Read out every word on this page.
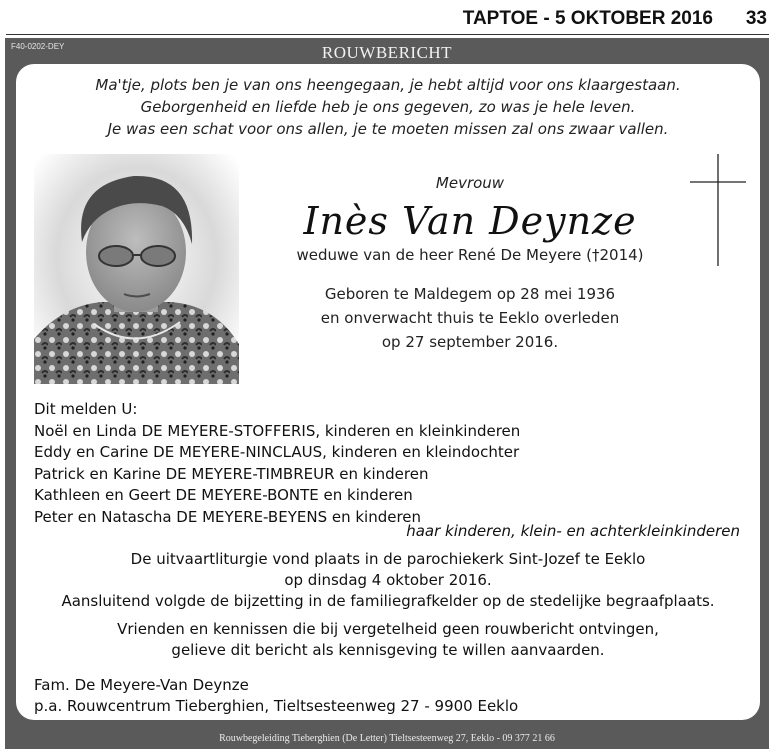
TAPTOE - 5 OKTOBER 2016 33
F40-0202-DEY	ROUWBERICHT
Rouwbegeleiding Tieberghien (De Letter) Tieltsesteenweg 27, Eeklo - 09 377 21 66
Ma'tje, plots ben je van ons heengegaan, je hebt altijd voor ons klaargestaan.
Geborgenheid en liefde heb je ons gegeven, zo was je hele leven.
Je was een schat voor ons allen, je te moeten missen zal ons zwaar vallen.
Mevrouw
Inès Van Deynze
weduwe van de heer René De Meyere (†2014)
Geboren te Maldegem op 28 mei 1936
en onverwacht thuis te Eeklo overleden
op 27 september 2016.
Dit melden U:
Noël en Linda DE MEYERE-STOFFERIS, kinderen en kleinkinderen
Eddy en Carine DE MEYERE-NINCLAUS, kinderen en kleindochter
Patrick en Karine DE MEYERE-TIMBREUR en kinderen
Kathleen en Geert DE MEYERE-BONTE en kinderen
Peter en Natascha DE MEYERE-BEYENS en kinderen
haar kinderen, klein- en achterkleinkinderen
De uitvaartliturgie vond plaats in de parochiekerk Sint-Jozef te Eeklo
op dinsdag 4 oktober 2016.
Aansluitend volgde de bijzetting in de familiegrafkelder op de stedelijke begraafplaats.
Vrienden en kennissen die bij vergetelheid geen rouwbericht ontvingen,
gelieve dit bericht als kennisgeving te willen aanvaarden.
Fam. De Meyere-Van Deynze
p.a. Rouwcentrum Tieberghien, Tieltsesteenweg 27 - 9900 Eeklo
